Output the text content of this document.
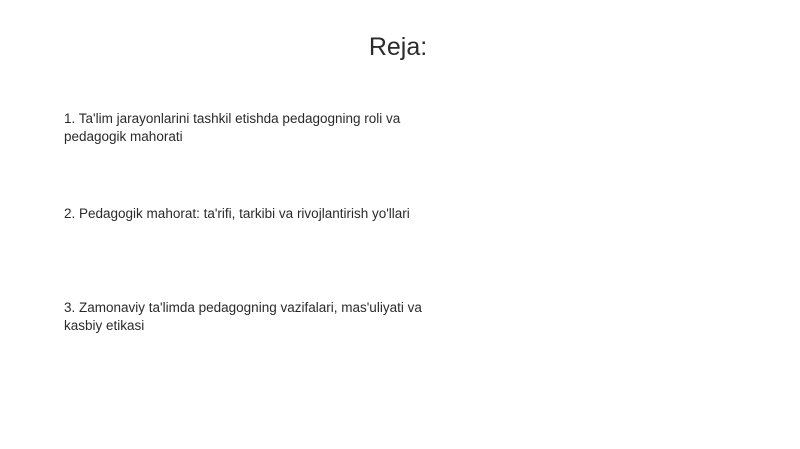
Reja:
1. Ta'lim jarayonlarini tashkil etishda pedagogning roli va pedagogik mahorati
2. Pedagogik mahorat: ta'rifi, tarkibi va rivojlantirish yo'llari
3. Zamonaviy ta'limda pedagogning vazifalari, mas'uliyati va kasbiy etikasi
